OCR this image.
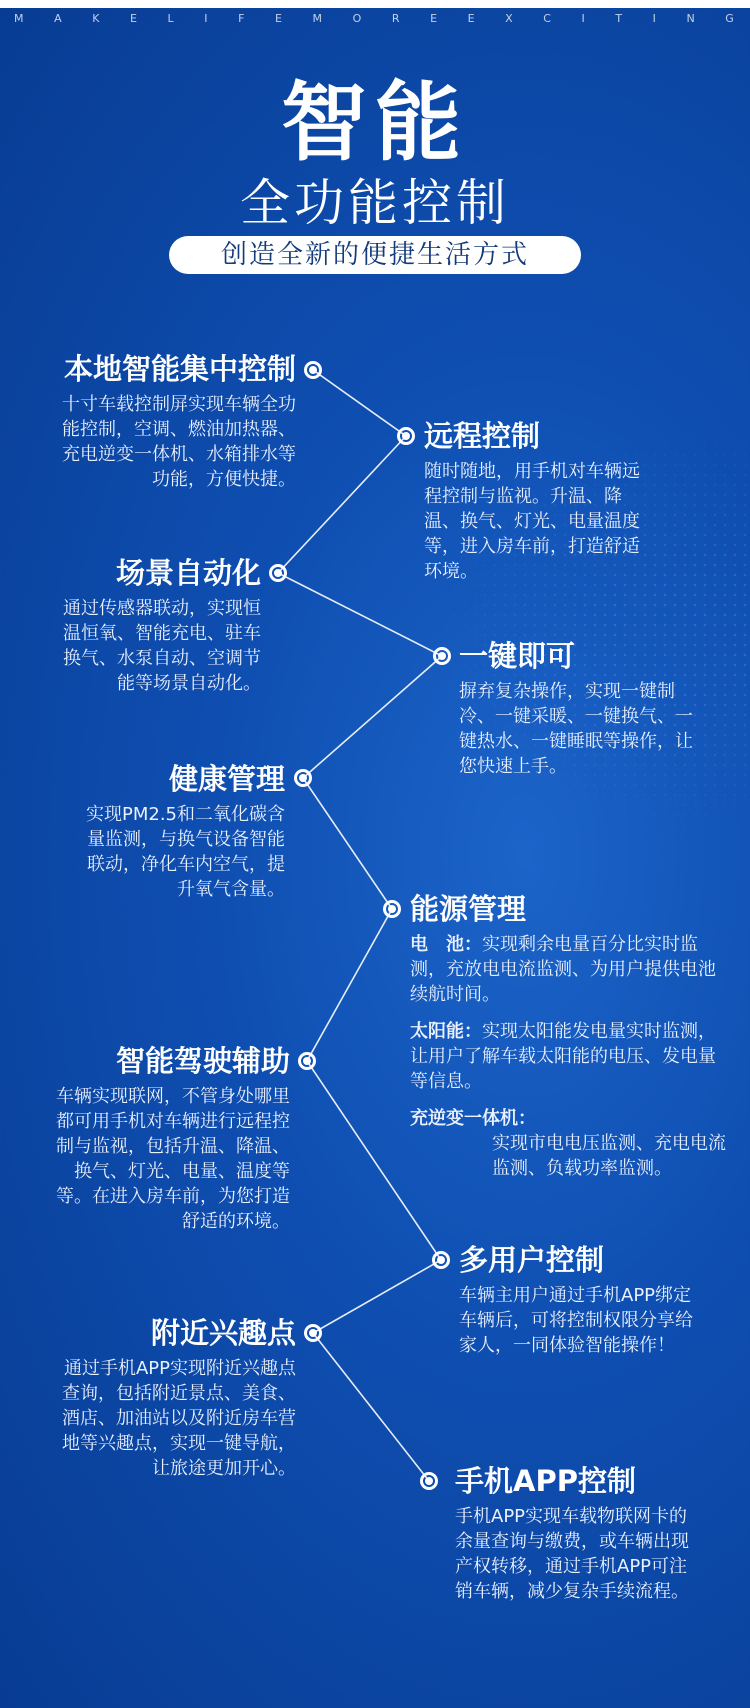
M	A	K	E	L	I	F	E	M	O	R	E	E	X	C	I	T	I	N	G
智能
全功能控制
创造全新的便捷生活方式
本地智能集中控制
十寸车载控制屏实现车辆全功能控制，空调、燃油加热器、充电逆变一体机、水箱排水等功能，方便快捷。
场景自动化
通过传感器联动，实现恒温恒氧、智能充电、驻车换气、水泵自动、空调节能等场景自动化。
健康管理
实现PM2.5和二氧化碳含量监测，与换气设备智能联动，净化车内空气，提升氧气含量。
智能驾驶辅助
车辆实现联网，不管身处哪里都可用手机对车辆进行远程控制与监视，包括升温、降温、换气、灯光、电量、温度等等。在进入房车前，为您打造舒适的环境。
附近兴趣点
通过手机APP实现附近兴趣点查询，包括附近景点、美食、酒店、加油站以及附近房车营地等兴趣点，实现一键导航，让旅途更加开心。
远程控制
随时随地，用手机对车辆远程控制与监视。升温、降温、换气、灯光、电量温度等，进入房车前，打造舒适环境。
一键即可
摒弃复杂操作，实现一键制冷、一键采暖、一键换气、一键热水、一键睡眠等操作，让您快速上手。
能源管理
电　池：实现剩余电量百分比实时监测，充放电电流监测、为用户提供电池续航时间。
太阳能：实现太阳能发电量实时监测，让用户了解车载太阳能的电压、发电量等信息。
充逆变一体机：
实现市电电压监测、充电电流监测、负载功率监测。
多用户控制
车辆主用户通过手机APP绑定车辆后，可将控制权限分享给家人，一同体验智能操作！
手机APP控制
手机APP实现车载物联网卡的余量查询与缴费，或车辆出现产权转移，通过手机APP可注销车辆，减少复杂手续流程。
